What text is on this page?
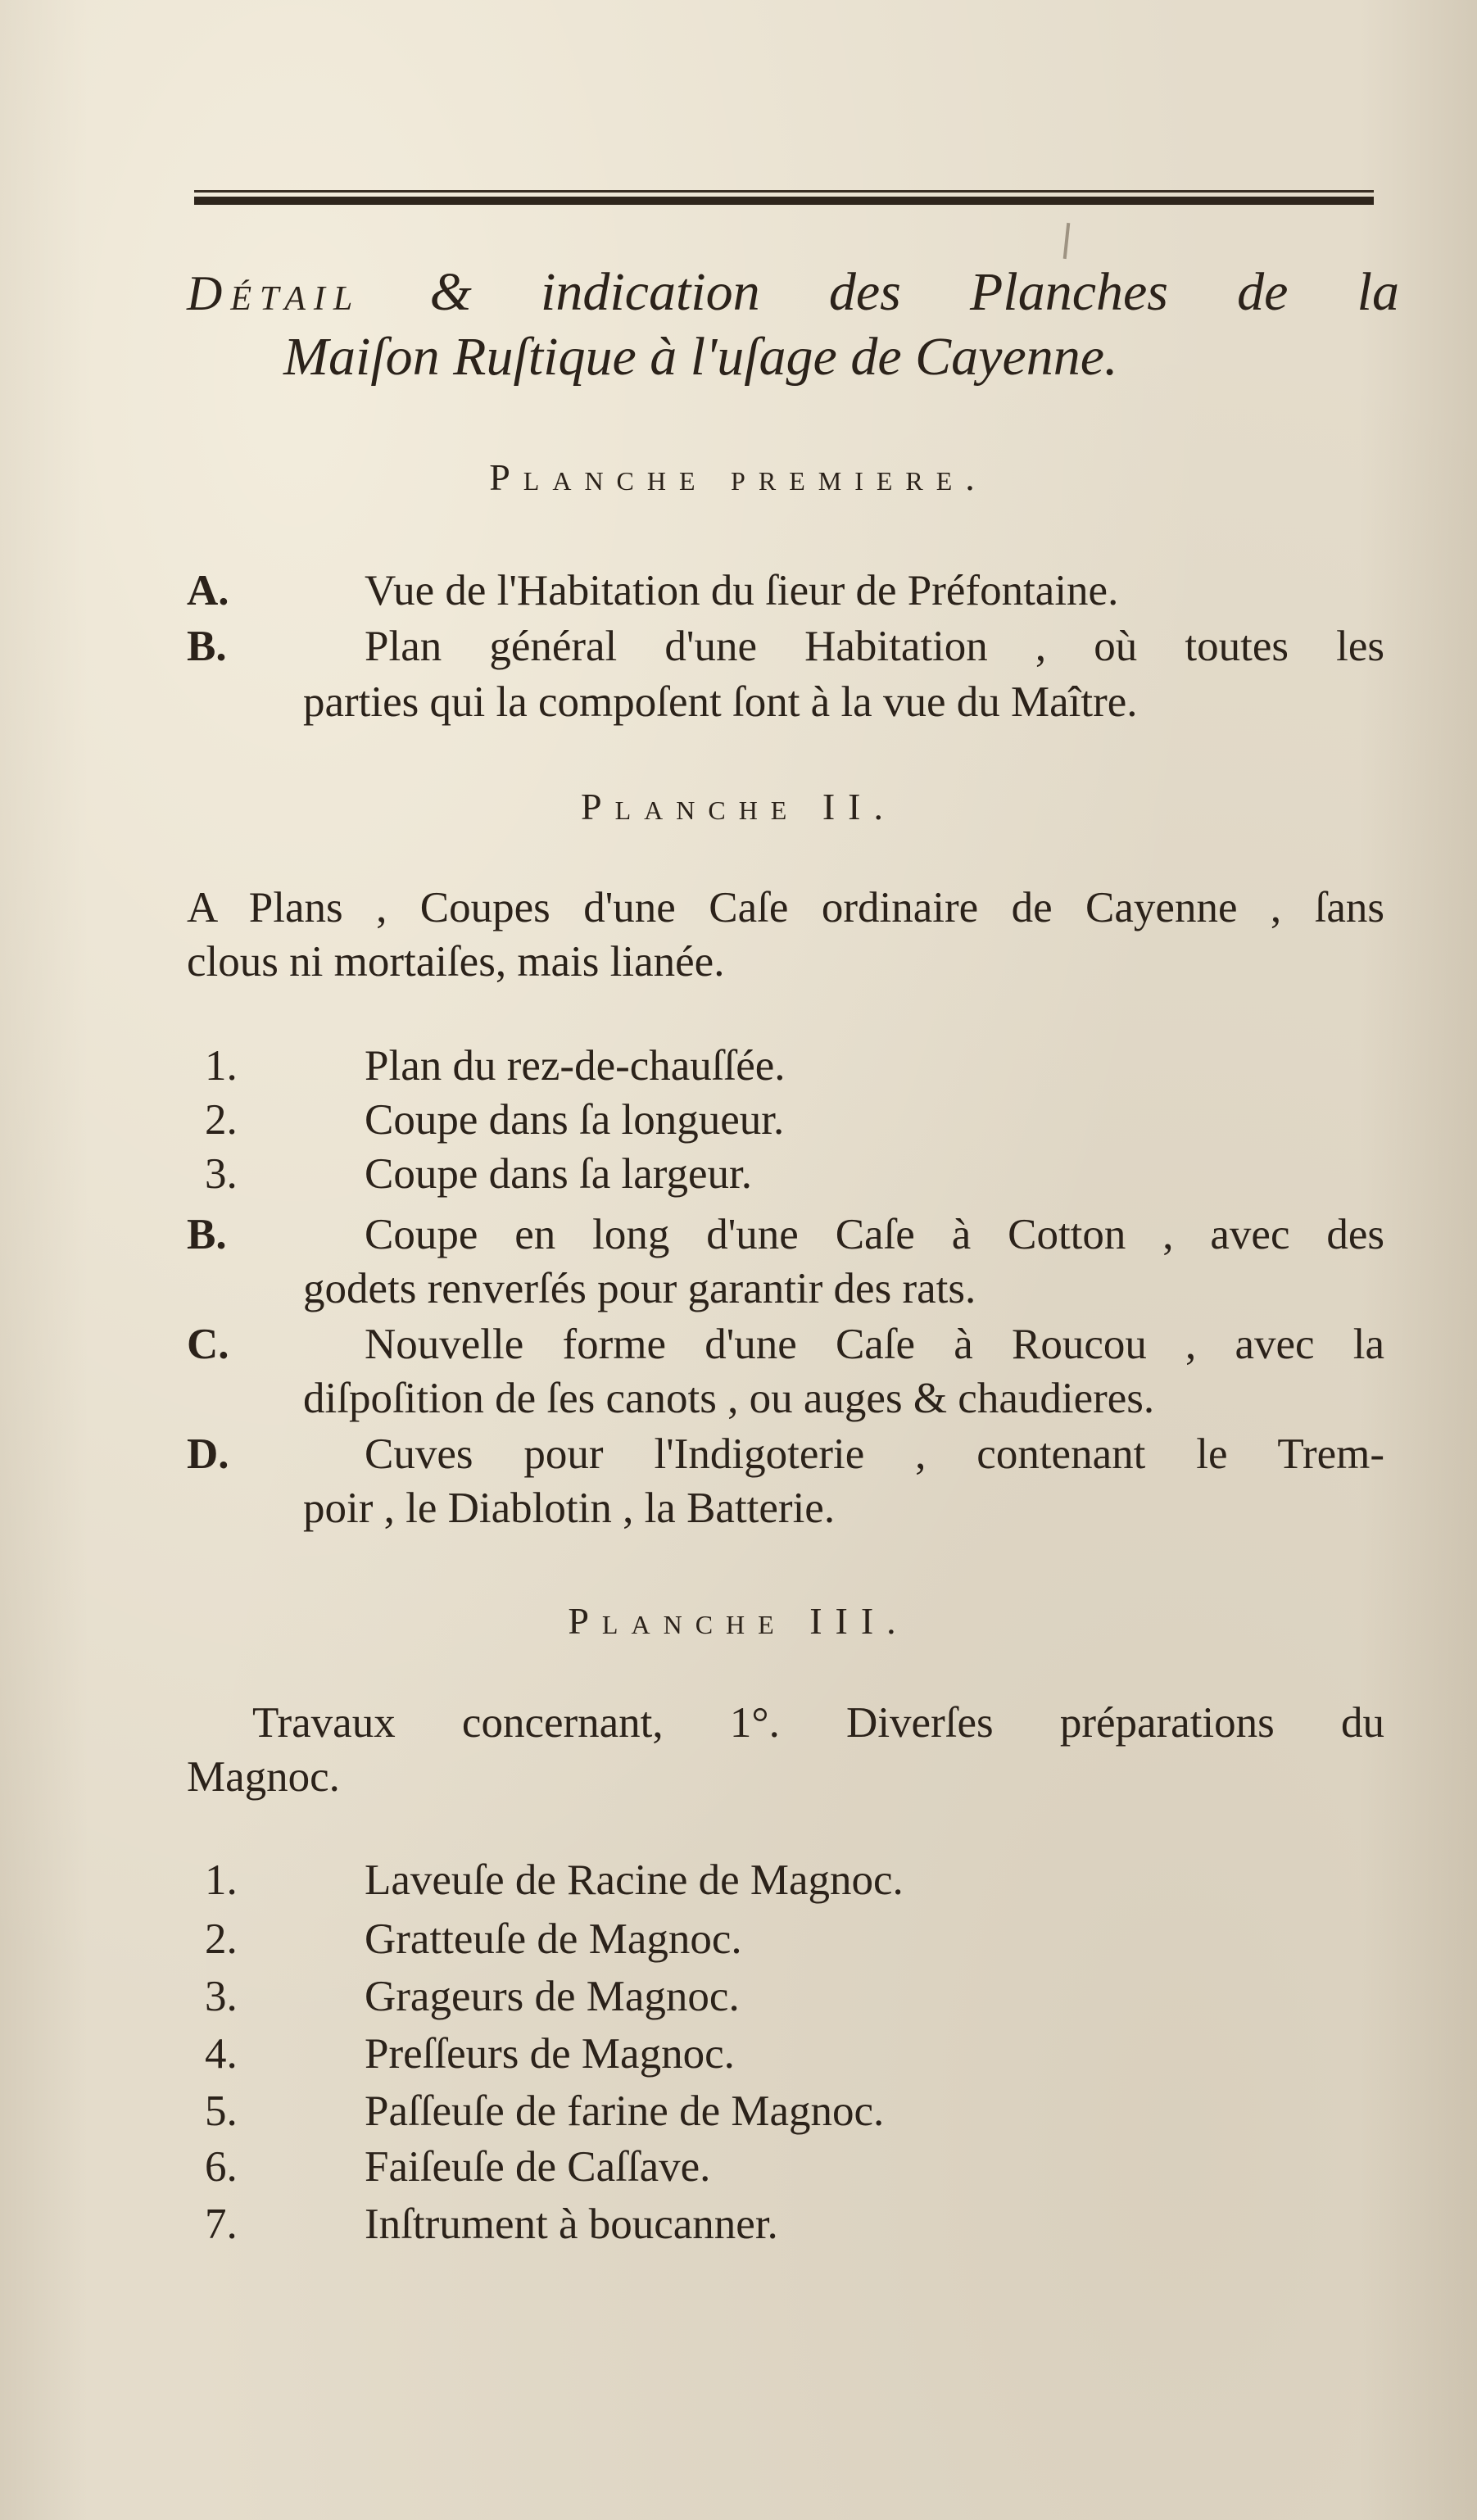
Détail & indication des Planches de la
Maiſon Ruſtique à l'uſage de Cayenne.
Planche premiere.
A.	Vue de l'Habitation du ſieur de Préfontaine.
B.	Plan général d'une Habitation , où toutes les
parties qui la compoſent ſont à la vue du Maître.
Planche II.
A Plans , Coupes d'une Caſe ordinaire de Cayenne , ſans
clous ni mortaiſes, mais lianée.
1.	Plan du rez-de-chauſſée.
2.	Coupe dans ſa longueur.
3.	Coupe dans ſa largeur.
B.	Coupe en long d'une Caſe à Cotton , avec des
godets renverſés pour garantir des rats.
C.	Nouvelle forme d'une Caſe à Roucou , avec la
diſpoſition de ſes canots , ou auges & chaudieres.
D.	Cuves pour l'Indigoterie , contenant le Trem-
poir , le Diablotin , la Batterie.
Planche III.
Travaux concernant, 1°. Diverſes préparations du
Magnoc.
1.	Laveuſe de Racine de Magnoc.
2.	Gratteuſe de Magnoc.
3.	Grageurs de Magnoc.
4.	Preſſeurs de Magnoc.
5.	Paſſeuſe de farine de Magnoc.
6.	Faiſeuſe de Caſſave.
7.	Inſtrument à boucanner.
